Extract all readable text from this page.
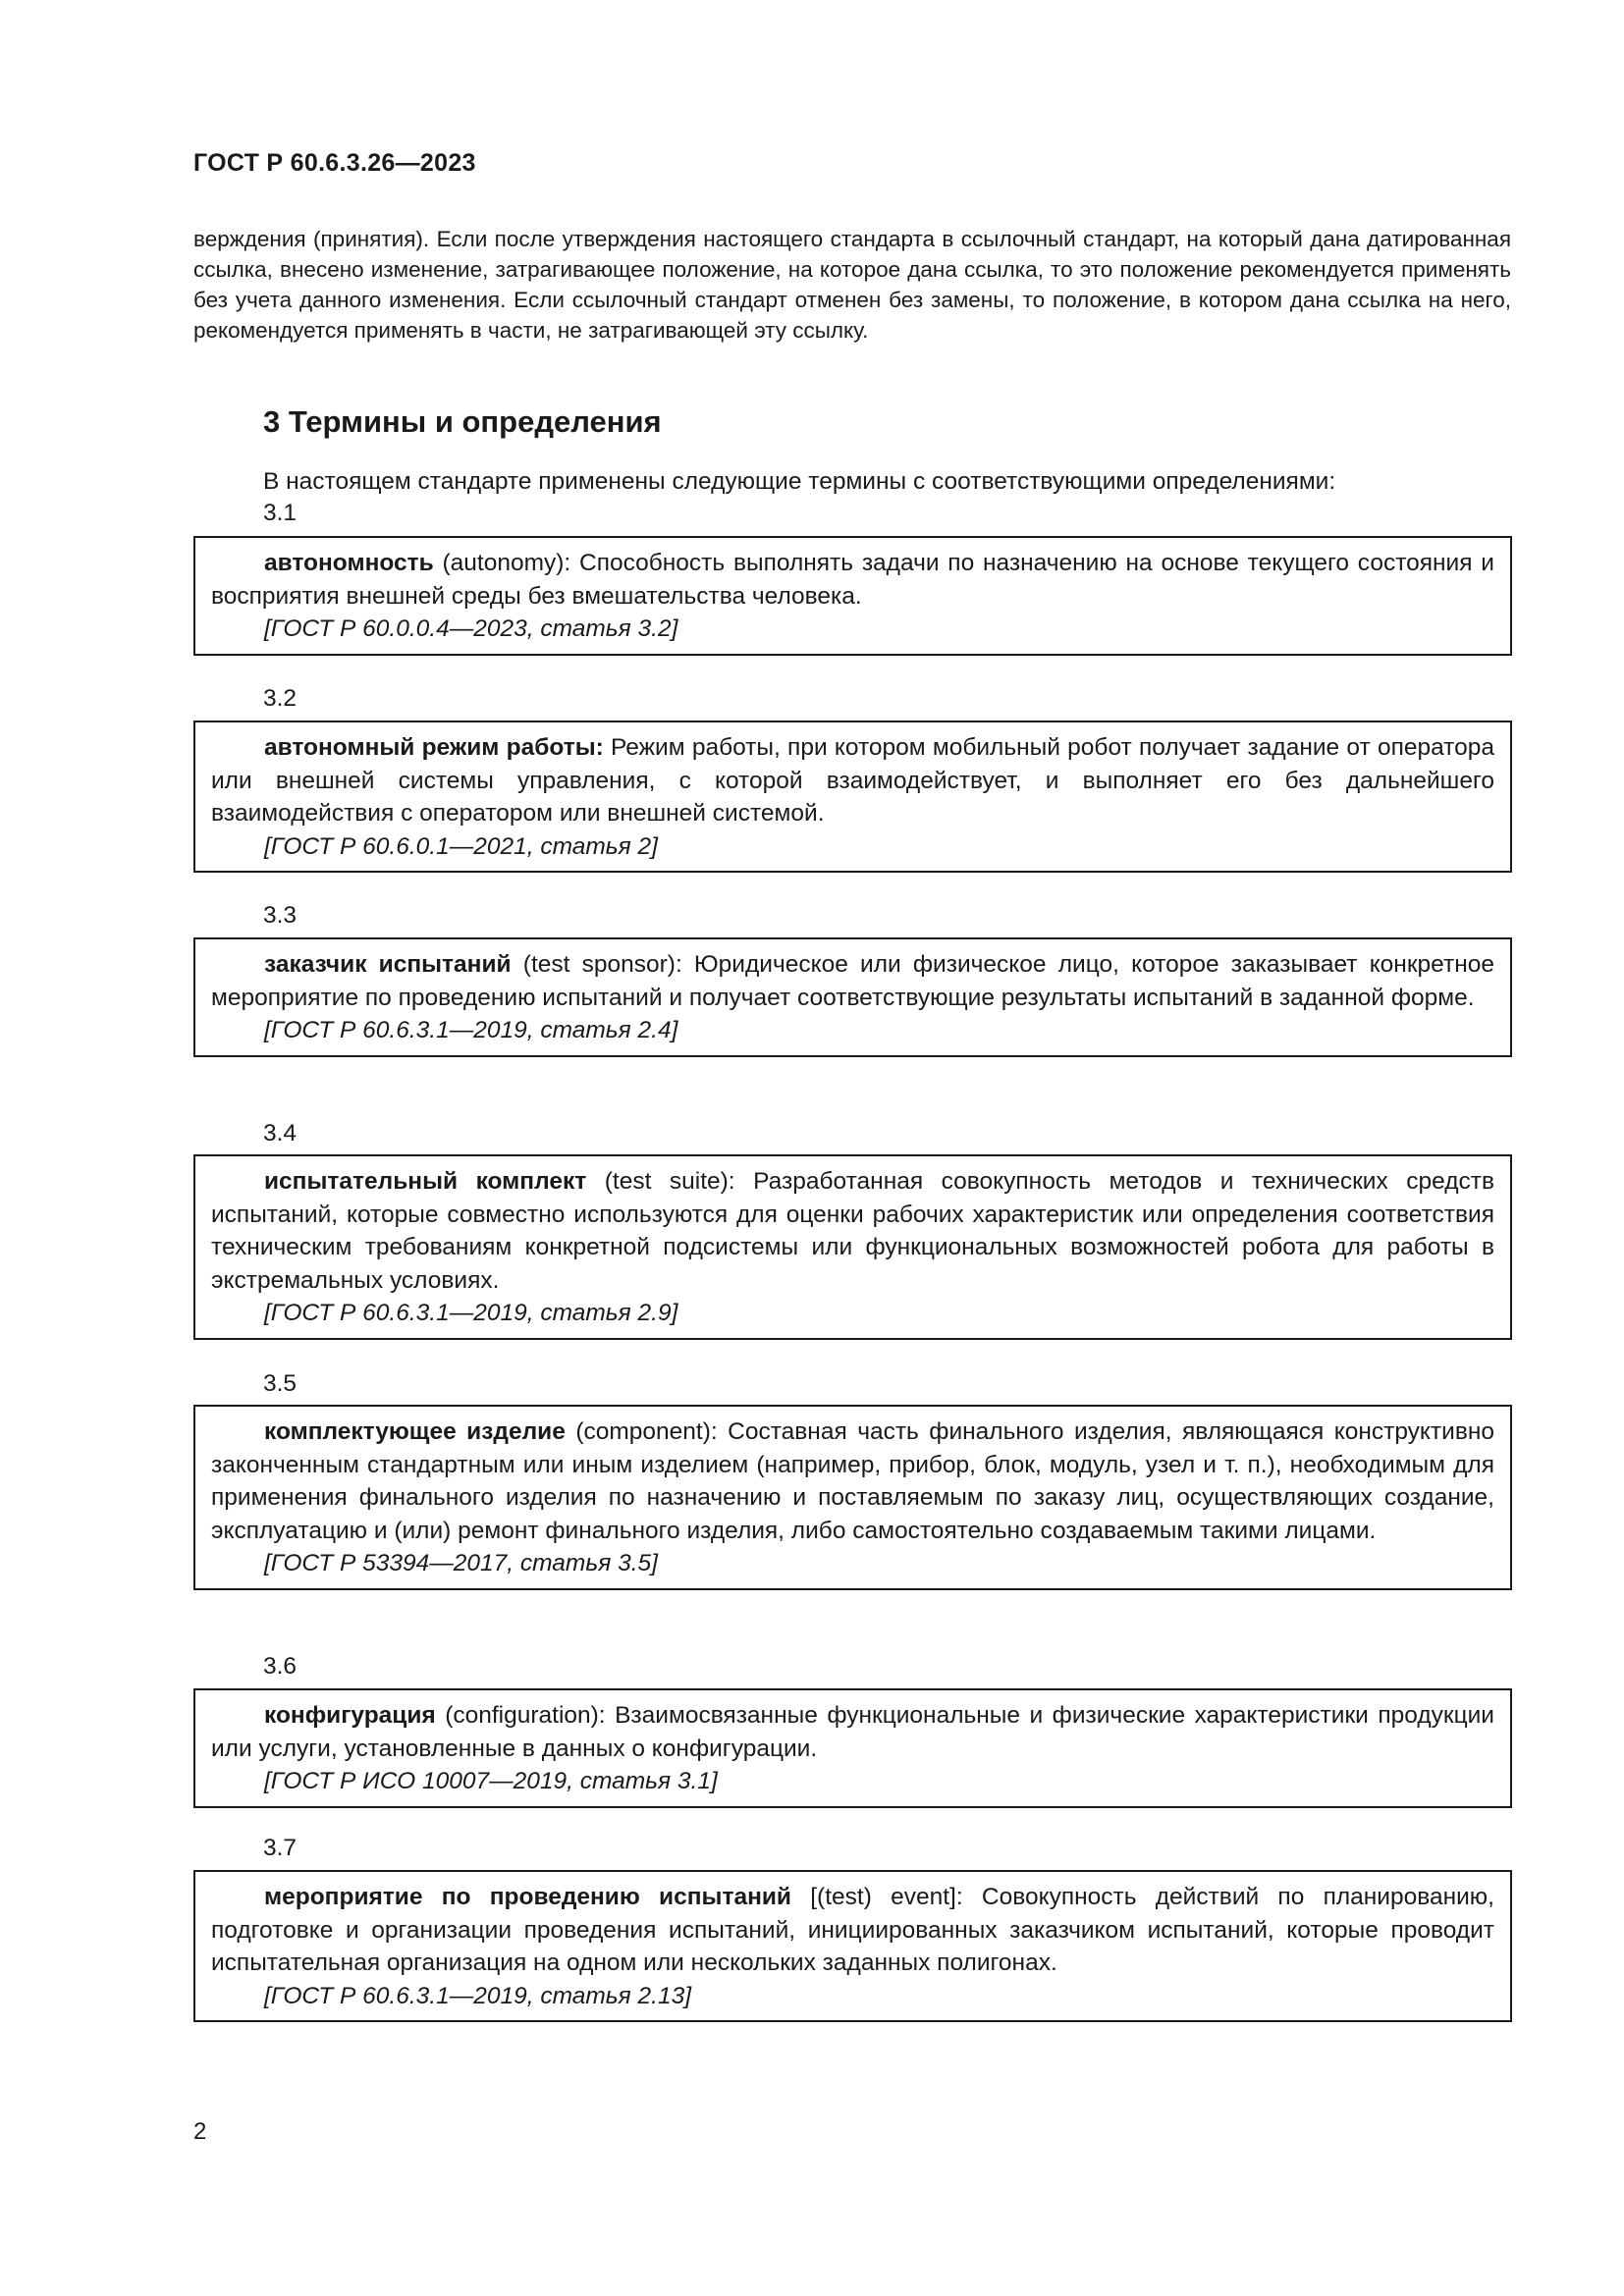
ГОСТ Р 60.6.3.26—2023

верждения (принятия). Если после утверждения настоящего стандарта в ссылочный стандарт, на который дана датированная ссылка, внесено изменение, затрагивающее положение, на которое дана ссылка, то это положение рекомендуется применять без учета данного изменения. Если ссылочный стандарт отменен без замены, то положение, в котором дана ссылка на него, рекомендуется применять в части, не затрагивающей эту ссылку.

3 Термины и определения

В настоящем стандарте применены следующие термины с соответствующими определениями:

3.1

автономность (autonomy): Способность выполнять задачи по назначению на основе текущего состояния и восприятия внешней среды без вмешательства человека.

[ГОСТ Р 60.0.0.4—2023, статья 3.2]

3.2

автономный режим работы: Режим работы, при котором мобильный робот получает задание от оператора или внешней системы управления, с которой взаимодействует, и выполняет его без дальнейшего взаимодействия с оператором или внешней системой.

[ГОСТ Р 60.6.0.1—2021, статья 2]

3.3

заказчик испытаний (test sponsor): Юридическое или физическое лицо, которое заказывает конкретное мероприятие по проведению испытаний и получает соответствующие результаты испытаний в заданной форме.

[ГОСТ Р 60.6.3.1—2019, статья 2.4]

3.4

испытательный комплект (test suite): Разработанная совокупность методов и технических средств испытаний, которые совместно используются для оценки рабочих характеристик или определения соответствия техническим требованиям конкретной подсистемы или функциональных возможностей робота для работы в экстремальных условиях.

[ГОСТ Р 60.6.3.1—2019, статья 2.9]

3.5

комплектующее изделие (component): Составная часть финального изделия, являющаяся конструктивно законченным стандартным или иным изделием (например, прибор, блок, модуль, узел и т. п.), необходимым для применения финального изделия по назначению и поставляемым по заказу лиц, осуществляющих создание, эксплуатацию и (или) ремонт финального изделия, либо самостоятельно создаваемым такими лицами.

[ГОСТ Р 53394—2017, статья 3.5]

3.6

конфигурация (configuration): Взаимосвязанные функциональные и физические характеристики продукции или услуги, установленные в данных о конфигурации.

[ГОСТ Р ИСО 10007—2019, статья 3.1]

3.7

мероприятие по проведению испытаний [(test) event]: Совокупность действий по планированию, подготовке и организации проведения испытаний, инициированных заказчиком испытаний, которые проводит испытательная организация на одном или нескольких заданных полигонах.

[ГОСТ Р 60.6.3.1—2019, статья 2.13]

2
